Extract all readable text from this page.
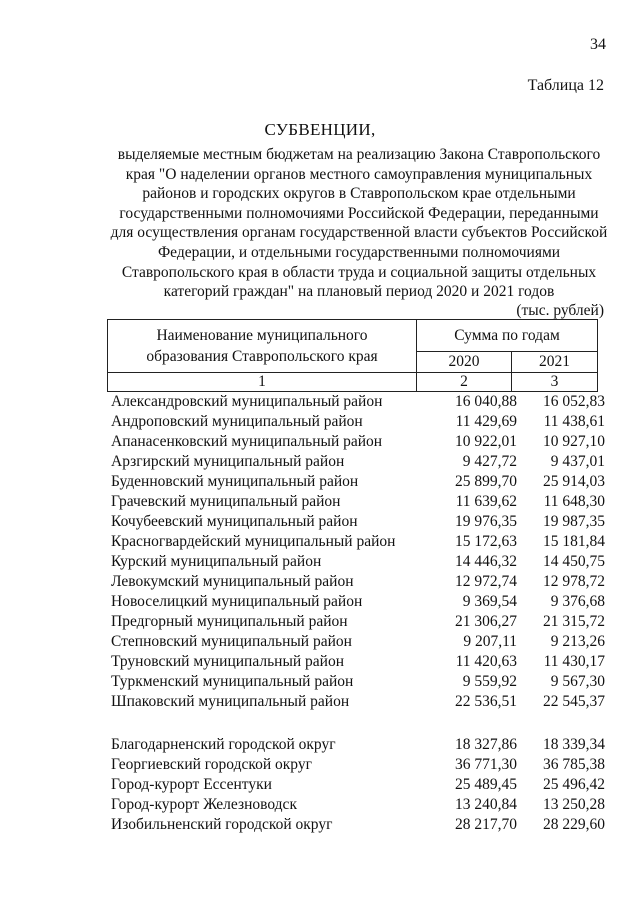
34
Таблица 12
СУБВЕНЦИИ,
выделяемые местным бюджетам на реализацию Закона Ставропольского
края "О наделении органов местного самоуправления муниципальных
районов и городских округов в Ставропольском крае отдельными
государственными полномочиями Российской Федерации, переданными
для осуществления органам государственной власти субъектов Российской
Федерации, и отдельными государственными полномочиями
Ставропольского края в области труда и социальной защиты отдельных
категорий граждан" на плановый период 2020 и 2021 годов
(тыс. рублей)
Наименование муниципального
образования Ставропольского края	Сумма по годам	
	2020	2021
1	2	3
Александровский муниципальный район	16 040,88	16 052,83
Андроповский муниципальный район	11 429,69	11 438,61
Апанасенковский муниципальный район	10 922,01	10 927,10
Арзгирский муниципальный район	9 427,72	9 437,01
Буденновский муниципальный район	25 899,70	25 914,03
Грачевский муниципальный район	11 639,62	11 648,30
Кочубеевский муниципальный район	19 976,35	19 987,35
Красногвардейский муниципальный район	15 172,63	15 181,84
Курский муниципальный район	14 446,32	14 450,75
Левокумский муниципальный район	12 972,74	12 978,72
Новоселицкий муниципальный район	9 369,54	9 376,68
Предгорный муниципальный район	21 306,27	21 315,72
Степновский муниципальный район	9 207,11	9 213,26
Труновский муниципальный район	11 420,63	11 430,17
Туркменский муниципальный район	9 559,92	9 567,30
Шпаковский муниципальный район	22 536,51	22 545,37
Благодарненский городской округ	18 327,86	18 339,34
Георгиевский городской округ	36 771,30	36 785,38
Город-курорт Ессентуки	25 489,45	25 496,42
Город-курорт Железноводск	13 240,84	13 250,28
Изобильненский городской округ	28 217,70	28 229,60
